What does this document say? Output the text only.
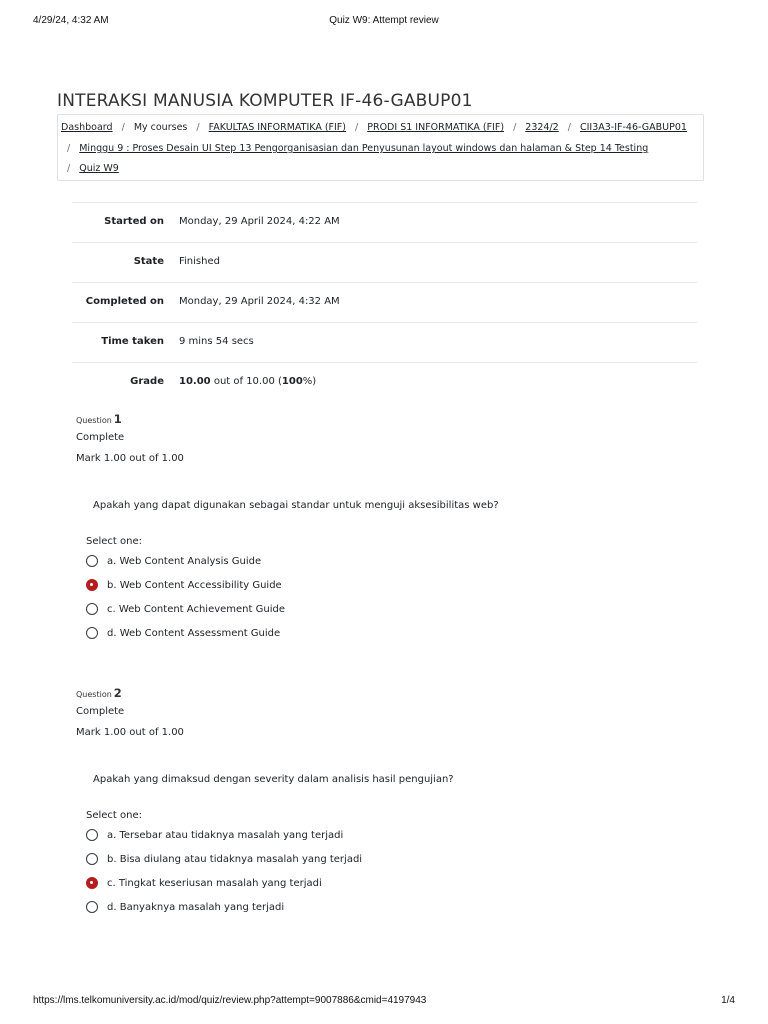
4/29/24, 4:32 AM	Quiz W9: Attempt review
INTERAKSI MANUSIA KOMPUTER IF-46-GABUP01
Dashboard / My courses / FAKULTAS INFORMATIKA (FIF) / PRODI S1 INFORMATIKA (FIF) / 2324/2 / CII3A3-IF-46-GABUP01
/ Minggu 9 : Proses Desain UI Step 13 Pengorganisasian dan Penyusunan layout windows dan halaman & Step 14 Testing
/ Quiz W9
Started on Monday, 29 April 2024, 4:22 AM
State Finished
Completed on Monday, 29 April 2024, 4:32 AM
Time taken 9 mins 54 secs
Grade 10.00 out of 10.00 (100%)
Question 1
Complete
Mark 1.00 out of 1.00
Apakah yang dapat digunakan sebagai standar untuk menguji aksesibilitas web?
Select one:
a. Web Content Analysis Guide
b. Web Content Accessibility Guide
c. Web Content Achievement Guide
d. Web Content Assessment Guide
Question 2
Complete
Mark 1.00 out of 1.00
Apakah yang dimaksud dengan severity dalam analisis hasil pengujian?
Select one:
a. Tersebar atau tidaknya masalah yang terjadi
b. Bisa diulang atau tidaknya masalah yang terjadi
c. Tingkat keseriusan masalah yang terjadi
d. Banyaknya masalah yang terjadi
https://lms.telkomuniversity.ac.id/mod/quiz/review.php?attempt=9007886&cmid=4197943	1/4
